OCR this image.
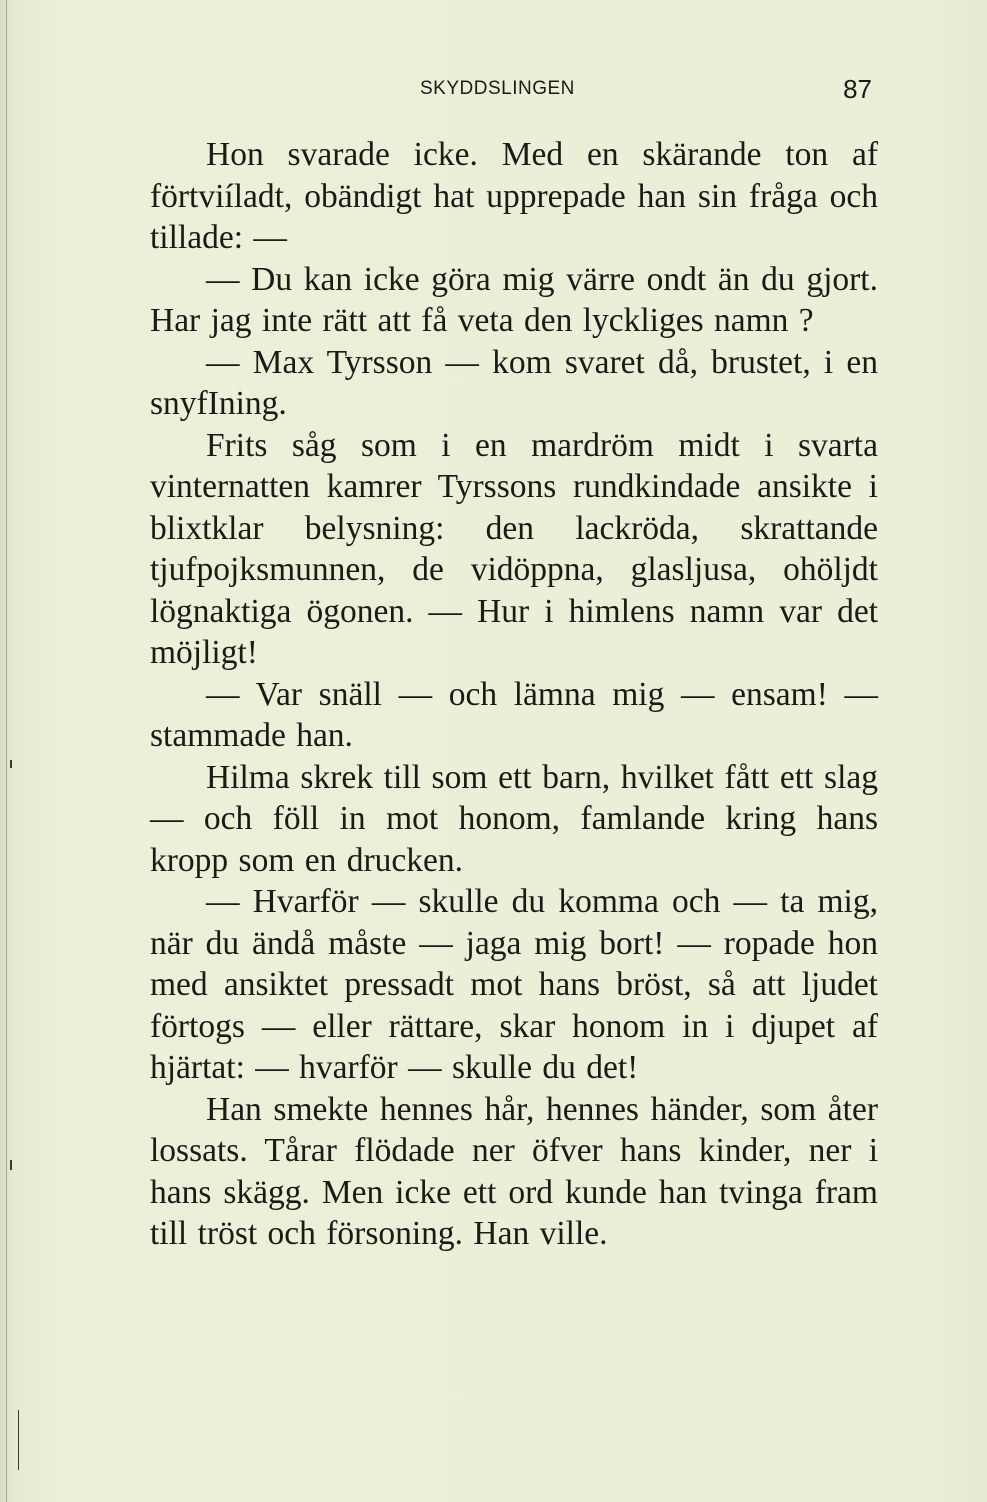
SKYDDSLINGEN	87

Hon svarade icke. Med en skärande ton af förtviíladt, obändigt hat upprepade han sin fråga och tillade: —

— Du kan icke göra mig värre ondt än du gjort. Har jag inte rätt att få veta den lyckliges namn ?

— Max Tyrsson — kom svaret då, brustet, i en snyfIning.

Frits såg som i en mardröm midt i svarta vinternatten kamrer Tyrssons rundkindade ansikte i blixtklar belysning: den lackröda, skrattande tjufpojksmunnen, de vidöppna, glasljusa, ohöljdt lögnaktiga ögonen. — Hur i himlens namn var det möjligt!

— Var snäll — och lämna mig — ensam! — stammade han.

Hilma skrek till som ett barn, hvilket fått ett slag — och föll in mot honom, famlande kring hans kropp som en drucken.

— Hvarför — skulle du komma och — ta mig, när du ändå måste — jaga mig bort! — ropade hon med ansiktet pressadt mot hans bröst, så att ljudet förtogs — eller rättare, skar honom in i djupet af hjärtat: — hvarför — skulle du det!

Han smekte hennes hår, hennes händer, som åter lossats. Tårar flödade ner öfver hans kinder, ner i hans skägg. Men icke ett ord kunde han tvinga fram till tröst och försoning. Han ville.
